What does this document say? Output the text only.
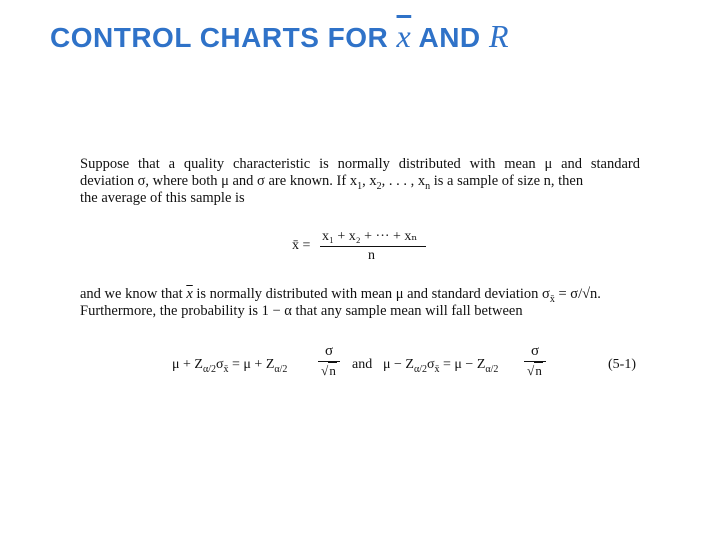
CONTROL CHARTS FOR $\overline{x}$ AND R
Suppose that a quality characteristic is normally distributed with mean μ and standard
deviation σ, where both μ and σ are known. If $x_1$, $x_2$, . . . , $x_n$ is a sample of size n, then
the average of this sample is
x̄ =
x₁ + x₂ + ··· + xₙ
n
and we know that $\overline{x}$ is normally distributed with mean μ and standard deviation $\sigma_{x̄} = \sigma/√n$.
Furthermore, the probability is 1 − α that any sample mean will fall between
$\mu + Z_{\alpha/2}\sigma_{x̄} = \mu + Z_{\alpha/2}$
σ
√n and $\mu - Z_{\alpha/2}\sigma_{x̄} = \mu - Z_{\alpha/2}$
σ
√n	(5-1)
